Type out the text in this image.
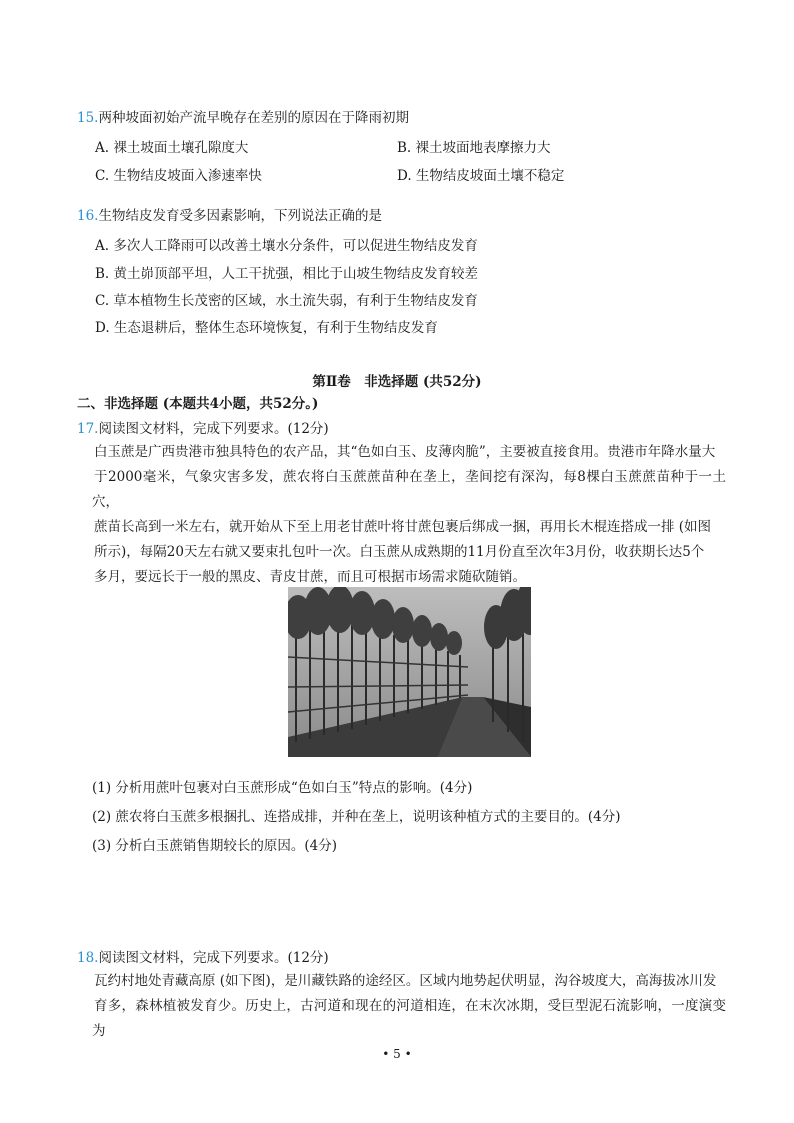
15.两种坡面初始产流早晚存在差别的原因在于降雨初期
A. 裸土坡面土壤孔隙度大	B. 裸土坡面地表摩擦力大
C. 生物结皮坡面入渗速率快	D. 生物结皮坡面土壤不稳定
16.生物结皮发育受多因素影响，下列说法正确的是
A. 多次人工降雨可以改善土壤水分条件，可以促进生物结皮发育
B. 黄土峁顶部平坦，人工干扰强，相比于山坡生物结皮发育较差
C. 草本植物生长茂密的区域，水土流失弱，有利于生物结皮发育
D. 生态退耕后，整体生态环境恢复，有利于生物结皮发育
第Ⅱ卷　非选择题 (共52分)
二、非选择题 (本题共4小题，共52分。)
17.阅读图文材料，完成下列要求。(12分)
白玉蔗是广西贵港市独具特色的农产品，其“色如白玉、皮薄肉脆”，主要被直接食用。贵港市年降水量大
于2000毫米，气象灾害多发，蔗农将白玉蔗蔗苗种在垄上，垄间挖有深沟，每8棵白玉蔗蔗苗种于一土穴，
蔗苗长高到一米左右，就开始从下至上用老甘蔗叶将甘蔗包裹后绑成一捆，再用长木棍连搭成一排 (如图
所示)，每隔20天左右就又要束扎包叶一次。白玉蔗从成熟期的11月份直至次年3月份，收获期长达5个
多月，要远长于一般的黑皮、青皮甘蔗，而且可根据市场需求随砍随销。
(1) 分析用蔗叶包裹对白玉蔗形成“色如白玉”特点的影响。(4分)
(2) 蔗农将白玉蔗多根捆扎、连搭成排，并种在垄上，说明该种植方式的主要目的。(4分)
(3) 分析白玉蔗销售期较长的原因。(4分)
18.阅读图文材料，完成下列要求。(12分)
瓦约村地处青藏高原 (如下图)，是川藏铁路的途经区。区域内地势起伏明显，沟谷坡度大，高海拔冰川发
育多，森林植被发育少。历史上，古河道和现在的河道相连，在末次冰期，受巨型泥石流影响，一度演变为
• 5 •
